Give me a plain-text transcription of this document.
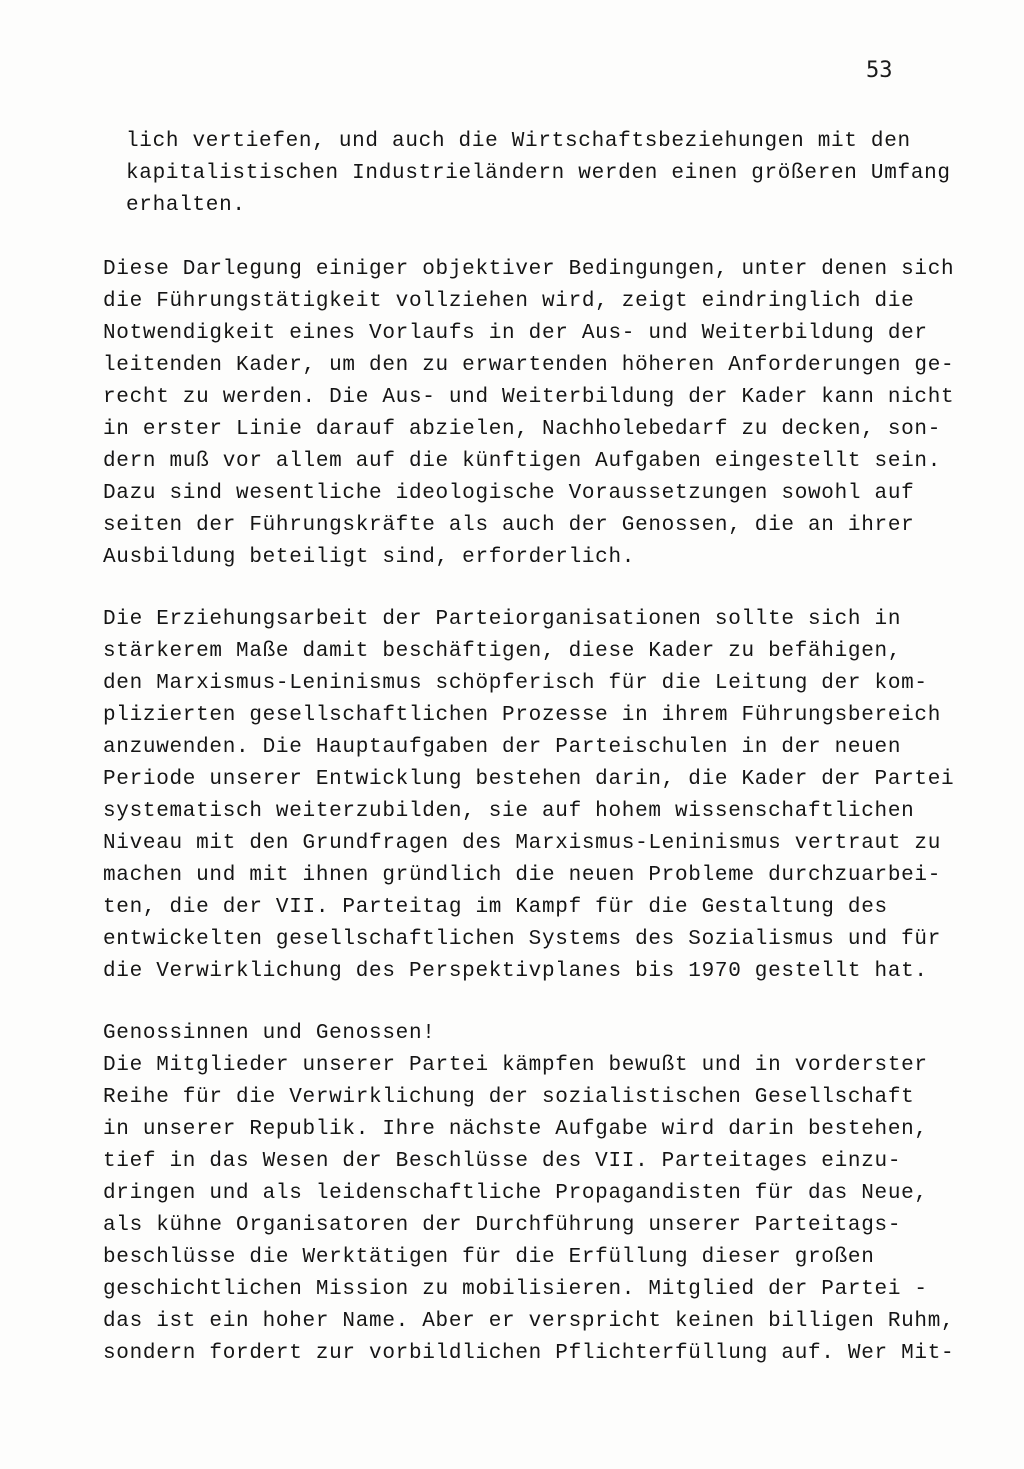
53
lich vertiefen, und auch die Wirtschaftsbeziehungen mit den
kapitalistischen Industrieländern werden einen größeren Umfang
erhalten.
Diese Darlegung einiger objektiver Bedingungen, unter denen sich
die Führungstätigkeit vollziehen wird, zeigt eindringlich die
Notwendigkeit eines Vorlaufs in der Aus- und Weiterbildung der
leitenden Kader, um den zu erwartenden höheren Anforderungen ge-
recht zu werden. Die Aus- und Weiterbildung der Kader kann nicht
in erster Linie darauf abzielen, Nachholebedarf zu decken, son-
dern muß vor allem auf die künftigen Aufgaben eingestellt sein.
Dazu sind wesentliche ideologische Voraussetzungen sowohl auf
seiten der Führungskräfte als auch der Genossen, die an ihrer
Ausbildung beteiligt sind, erforderlich.
Die Erziehungsarbeit der Parteiorganisationen sollte sich in
stärkerem Maße damit beschäftigen, diese Kader zu befähigen,
den Marxismus-Leninismus schöpferisch für die Leitung der kom-
plizierten gesellschaftlichen Prozesse in ihrem Führungsbereich
anzuwenden. Die Hauptaufgaben der Parteischulen in der neuen
Periode unserer Entwicklung bestehen darin, die Kader der Partei
systematisch weiterzubilden, sie auf hohem wissenschaftlichen
Niveau mit den Grundfragen des Marxismus-Leninismus vertraut zu
machen und mit ihnen gründlich die neuen Probleme durchzuarbei-
ten, die der VII. Parteitag im Kampf für die Gestaltung des
entwickelten gesellschaftlichen Systems des Sozialismus und für
die Verwirklichung des Perspektivplanes bis 1970 gestellt hat.
Genossinnen und Genossen!
Die Mitglieder unserer Partei kämpfen bewußt und in vorderster
Reihe für die Verwirklichung der sozialistischen Gesellschaft
in unserer Republik. Ihre nächste Aufgabe wird darin bestehen,
tief in das Wesen der Beschlüsse des VII. Parteitages einzu-
dringen und als leidenschaftliche Propagandisten für das Neue,
als kühne Organisatoren der Durchführung unserer Parteitags-
beschlüsse die Werktätigen für die Erfüllung dieser großen
geschichtlichen Mission zu mobilisieren. Mitglied der Partei -
das ist ein hoher Name. Aber er verspricht keinen billigen Ruhm,
sondern fordert zur vorbildlichen Pflichterfüllung auf. Wer Mit-
